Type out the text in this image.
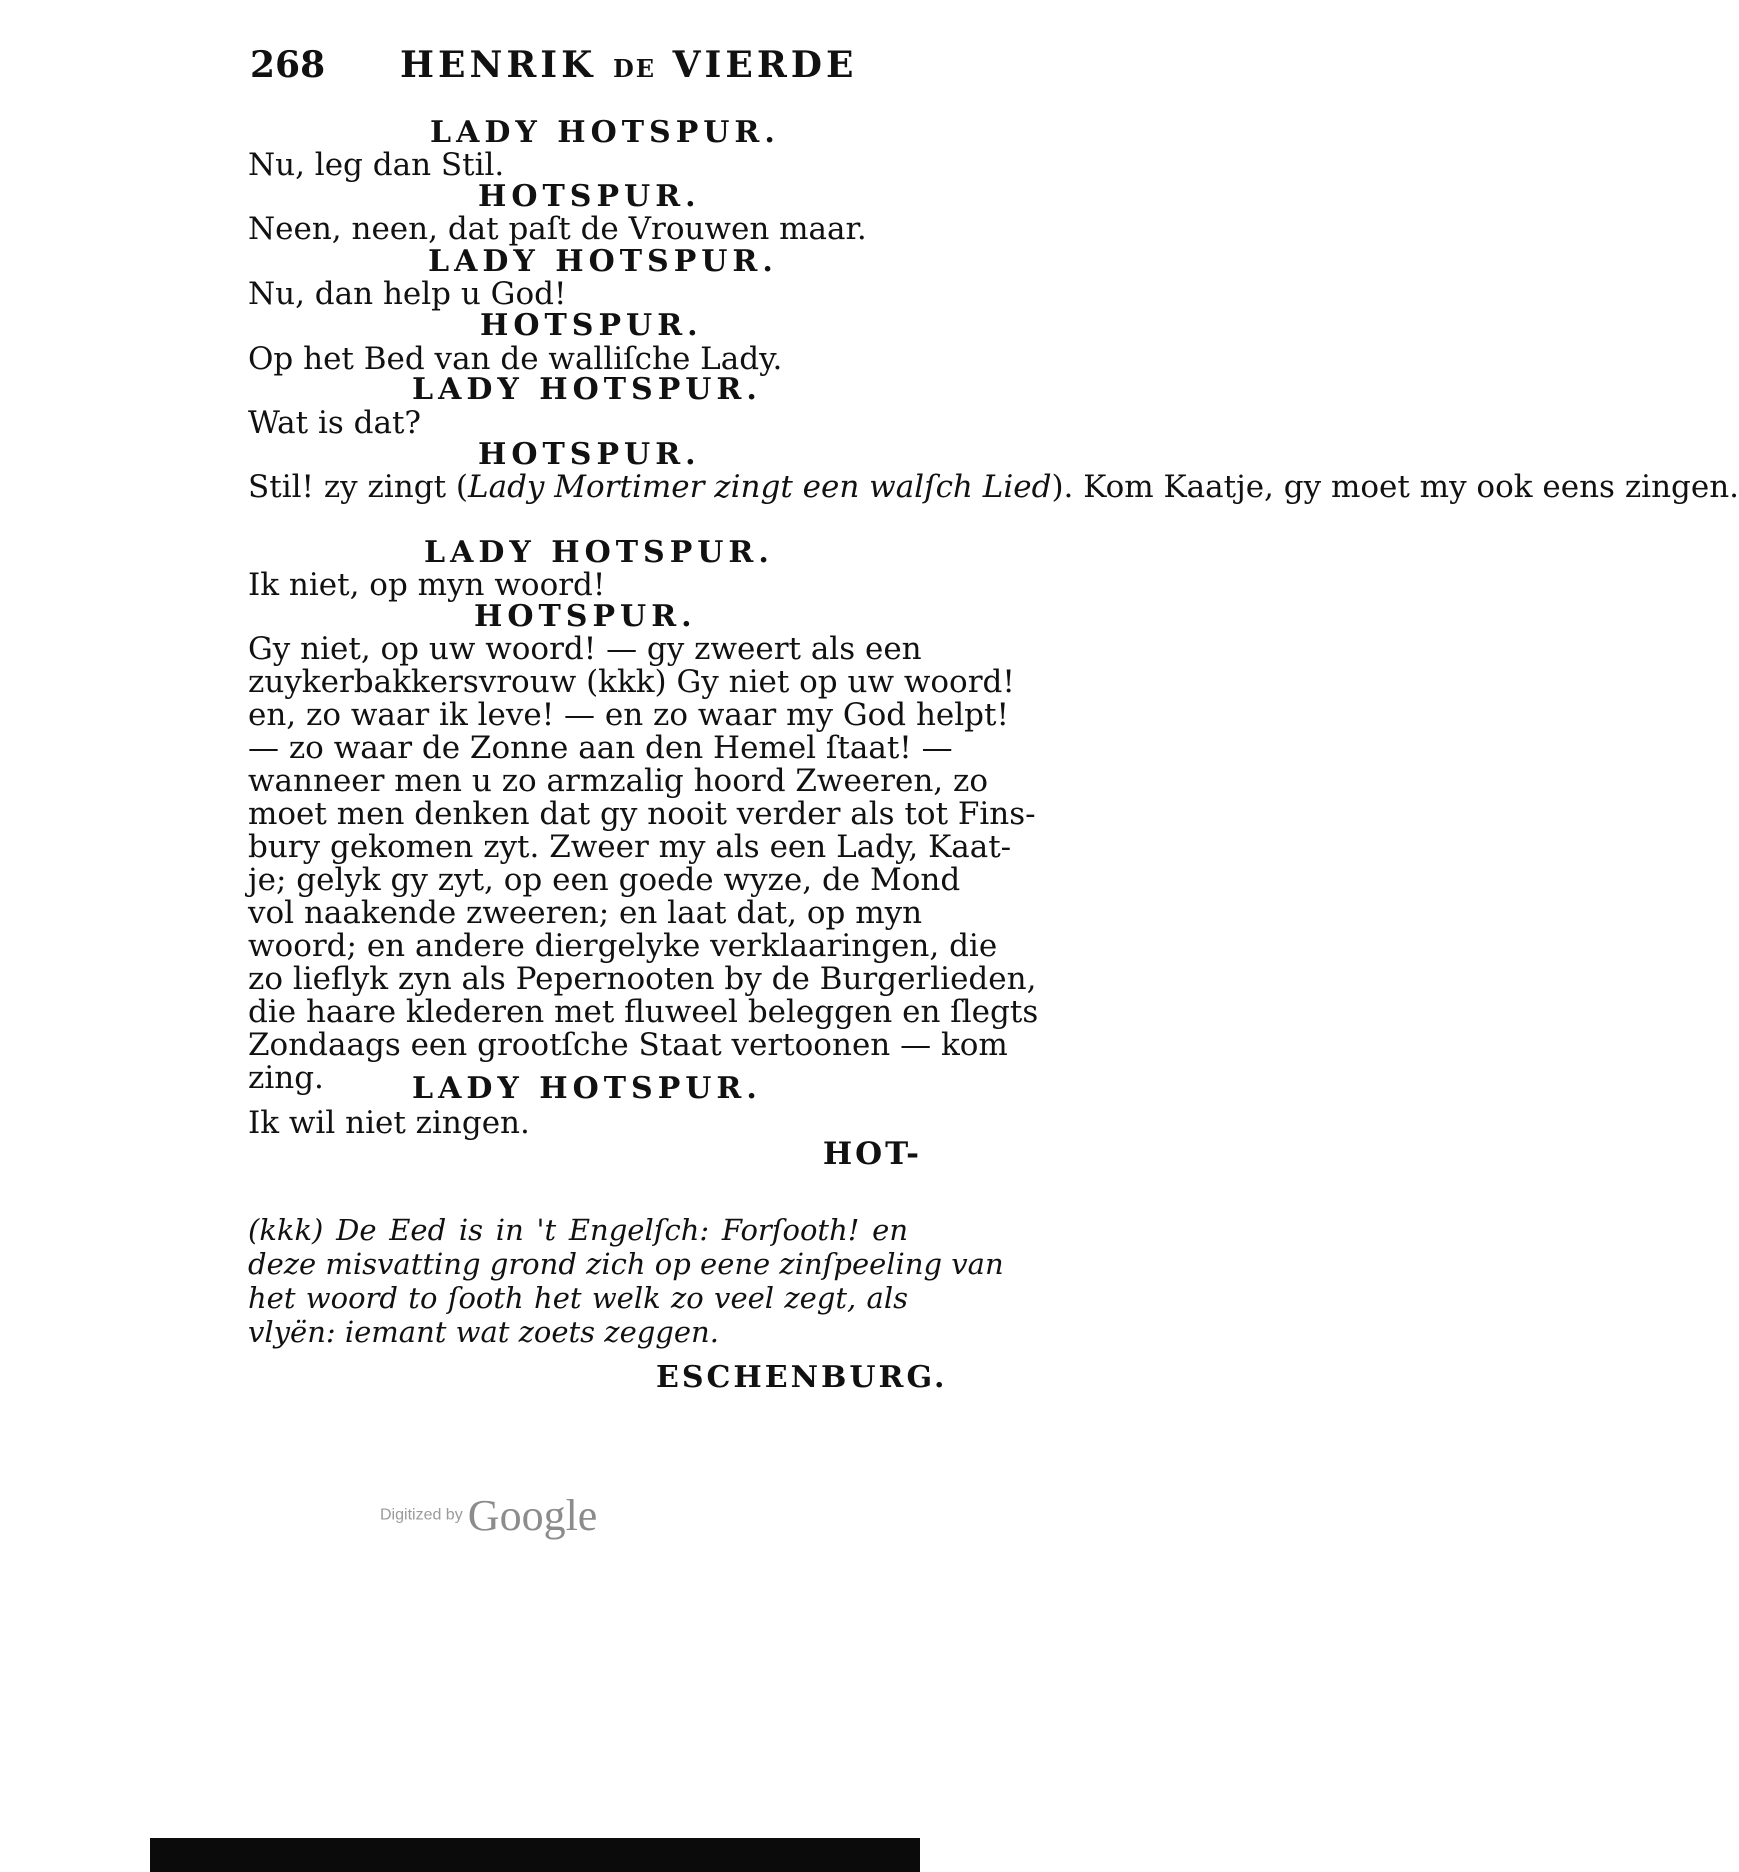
268 HENRIK DE VIERDE
LADY HOTSPUR.
Nu, leg dan Stil.
HOTSPUR.
Neen, neen, dat paſt de Vrouwen maar.
LADY HOTSPUR.
Nu, dan help u God!
HOTSPUR.
Op het Bed van de walliſche Lady.
LADY HOTSPUR.
Wat is dat?
HOTSPUR.
Stil! zy zingt (Lady Mortimer zingt een walſch Lied). Kom Kaatje, gy moet my ook eens zingen.
LADY HOTSPUR.
Ik niet, op myn woord!
HOTSPUR.
Gy niet, op uw woord! — gy zweert als een
zuykerbakkersvrouw (kkk) Gy niet op uw woord!
en, zo waar ik leve! — en zo waar my God helpt!
— zo waar de Zonne aan den Hemel ſtaat! —
wanneer men u zo armzalig hoord Zweeren, zo
moet men denken dat gy nooit verder als tot Fins-
bury gekomen zyt. Zweer my als een Lady, Kaat-
je; gelyk gy zyt, op een goede wyze, de Mond
vol naakende zweeren; en laat dat, op myn
woord; en andere diergelyke verklaaringen, die
zo lieflyk zyn als Pepernooten by de Burgerlieden,
die haare klederen met fluweel beleggen en ſlegts
Zondaags een grootſche Staat vertoonen — kom
zing.	LADY HOTSPUR.
Ik wil niet zingen.
HOT-
(kkk) De Eed is in 't Engelſch: Forſooth! en
deze misvatting grond zich op eene zinſpeeling van
het woord to ſooth het welk zo veel zegt, als
vlyën: iemant wat zoets zeggen.
ESCHENBURG.
Digitized by Google
